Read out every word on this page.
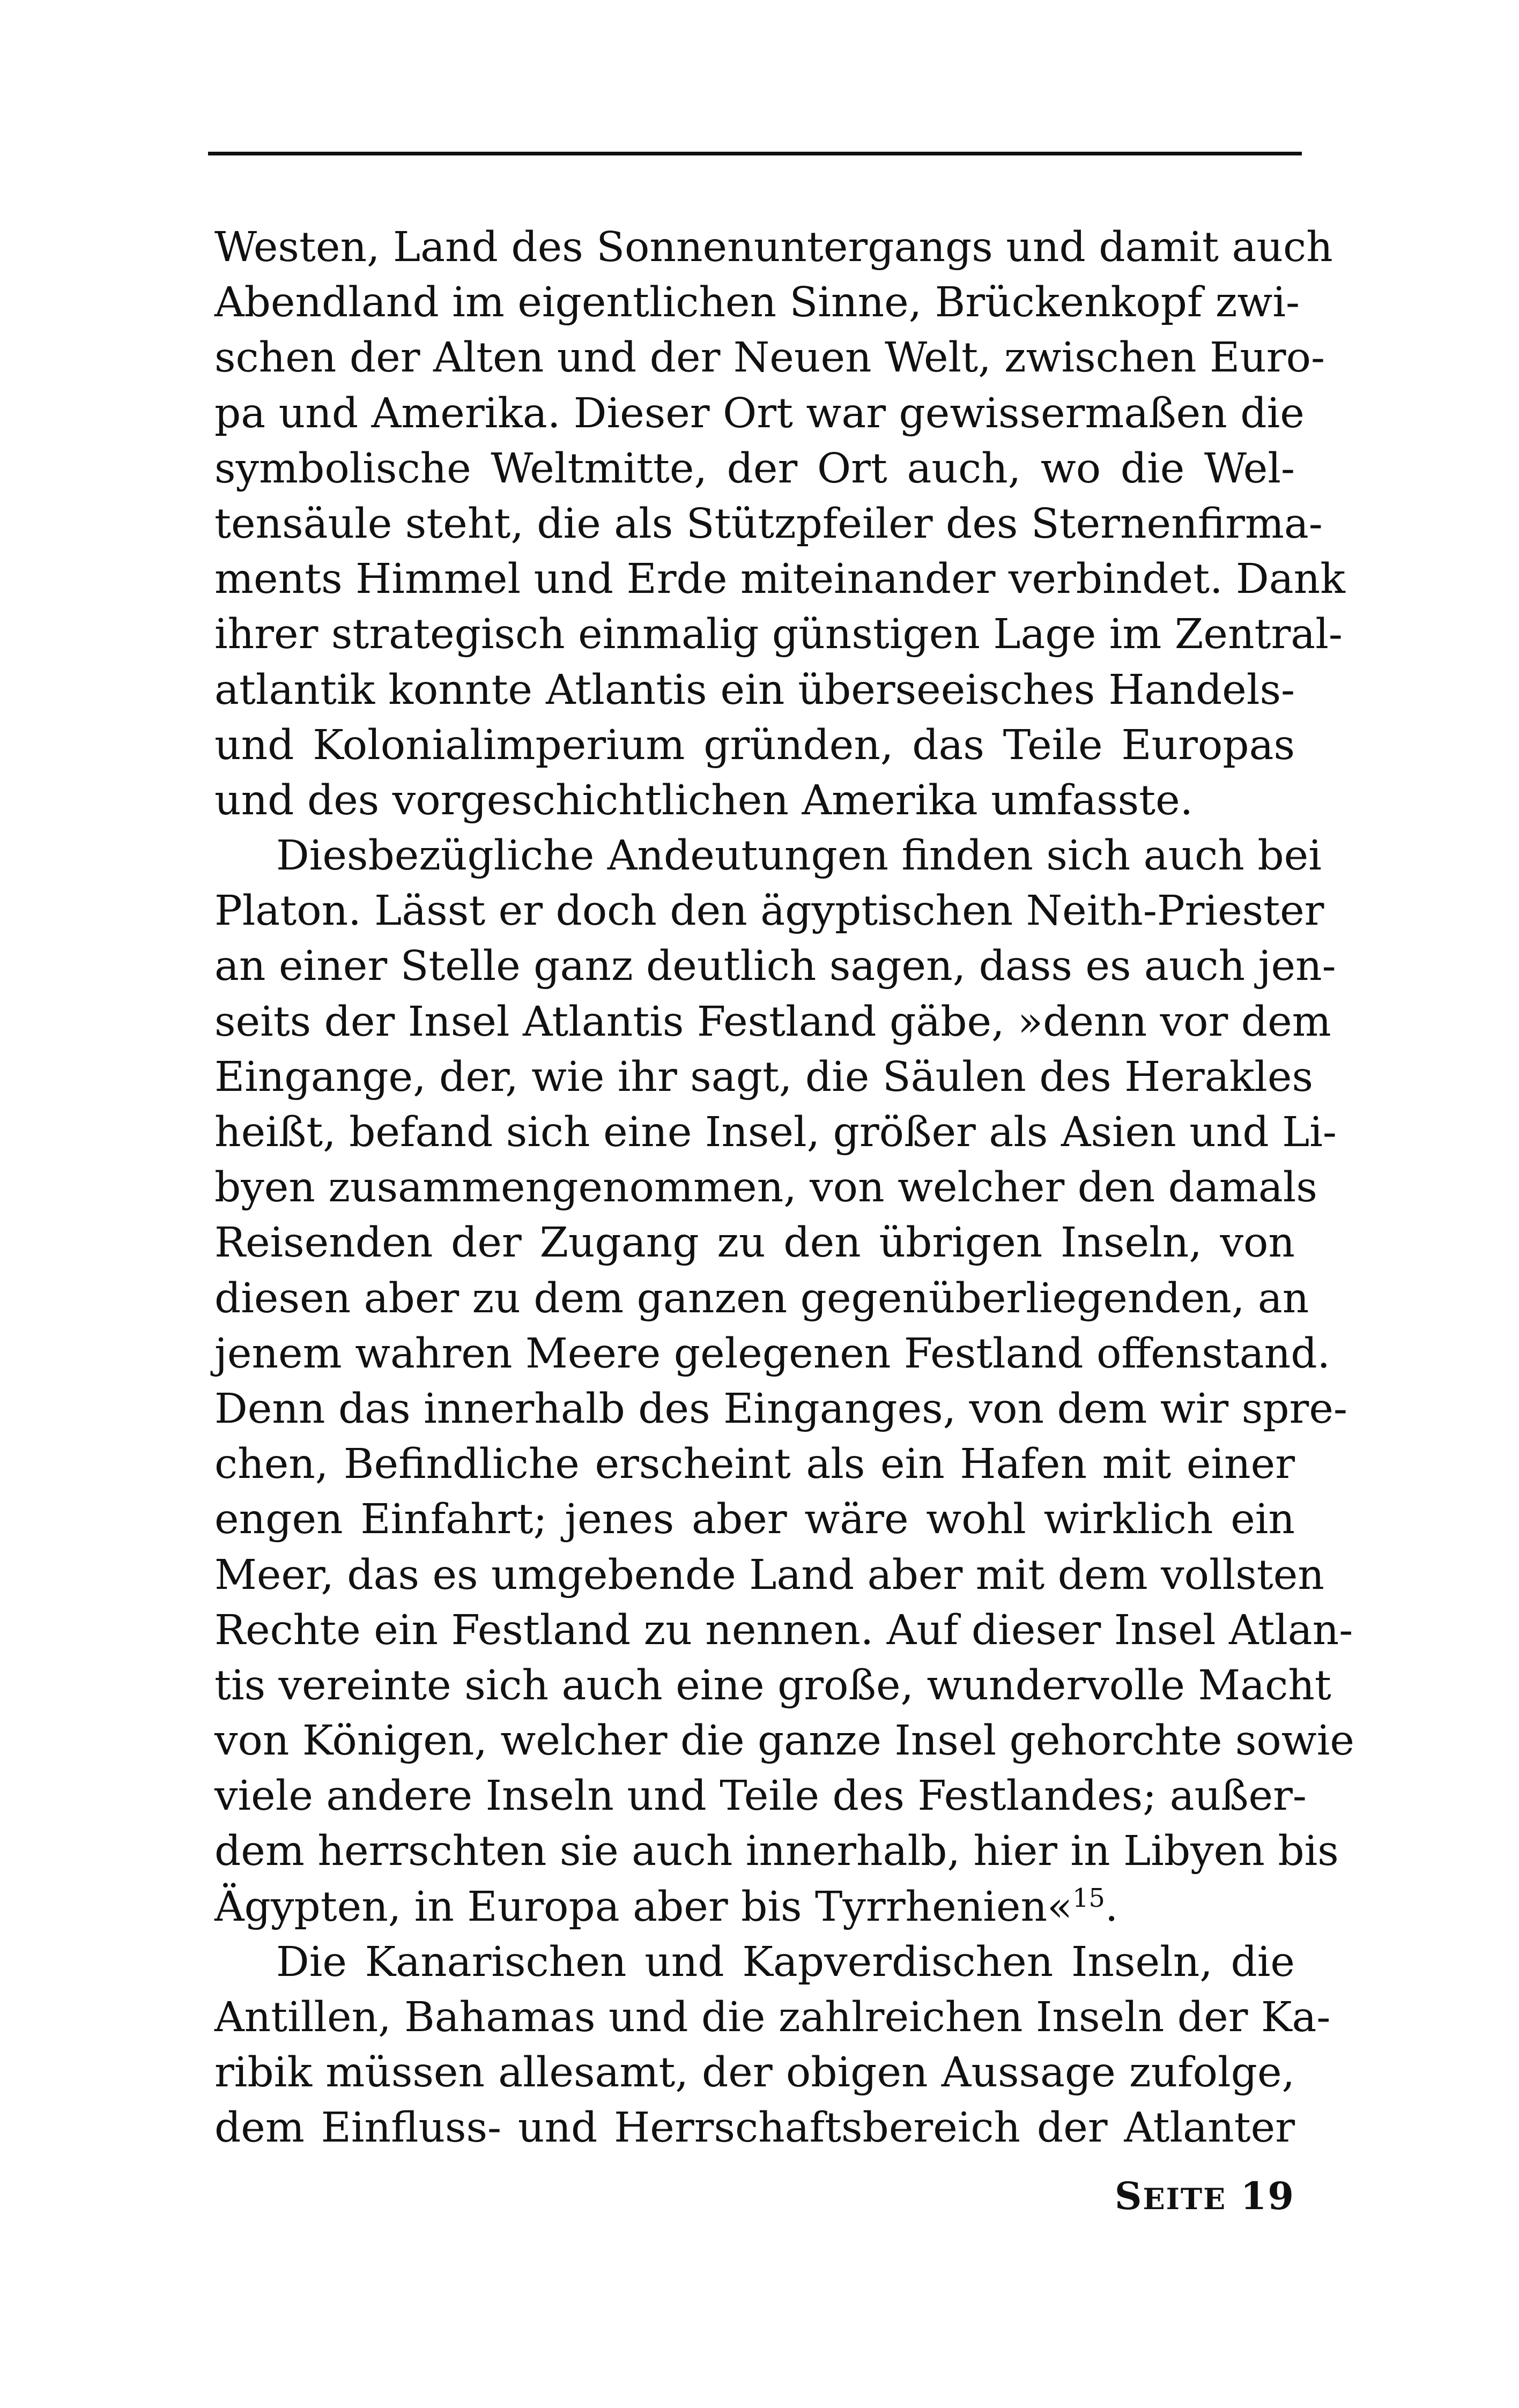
Westen, Land des Sonnenuntergangs und damit auch
Abendland im eigentlichen Sinne, Brückenkopf zwi-
schen der Alten und der Neuen Welt, zwischen Euro-
pa und Amerika. Dieser Ort war gewissermaßen die
symbolische Weltmitte, der Ort auch, wo die Wel-
tensäule steht, die als Stützpfeiler des Sternenfirma-
ments Himmel und Erde miteinander verbindet. Dank
ihrer strategisch einmalig günstigen Lage im Zentral-
atlantik konnte Atlantis ein überseeisches Handels-
und Kolonialimperium gründen, das Teile Europas
und des vorgeschichtlichen Amerika umfasste.
Diesbezügliche Andeutungen finden sich auch bei
Platon. Lässt er doch den ägyptischen Neith-Priester
an einer Stelle ganz deutlich sagen, dass es auch jen-
seits der Insel Atlantis Festland gäbe, »denn vor dem
Eingange, der, wie ihr sagt, die Säulen des Herakles
heißt, befand sich eine Insel, größer als Asien und Li-
byen zusammengenommen, von welcher den damals
Reisenden der Zugang zu den übrigen Inseln, von
diesen aber zu dem ganzen gegenüberliegenden, an
jenem wahren Meere gelegenen Festland offenstand.
Denn das innerhalb des Einganges, von dem wir spre-
chen, Befindliche erscheint als ein Hafen mit einer
engen Einfahrt; jenes aber wäre wohl wirklich ein
Meer, das es umgebende Land aber mit dem vollsten
Rechte ein Festland zu nennen. Auf dieser Insel Atlan-
tis vereinte sich auch eine große, wundervolle Macht
von Königen, welcher die ganze Insel gehorchte sowie
viele andere Inseln und Teile des Festlandes; außer-
dem herrschten sie auch innerhalb, hier in Libyen bis
Ägypten, in Europa aber bis Tyrrhenien«$^{15}$.
Die Kanarischen und Kapverdischen Inseln, die
Antillen, Bahamas und die zahlreichen Inseln der Ka-
ribik müssen allesamt, der obigen Aussage zufolge,
dem Einfluss- und Herrschaftsbereich der Atlanter
SEITE 19
